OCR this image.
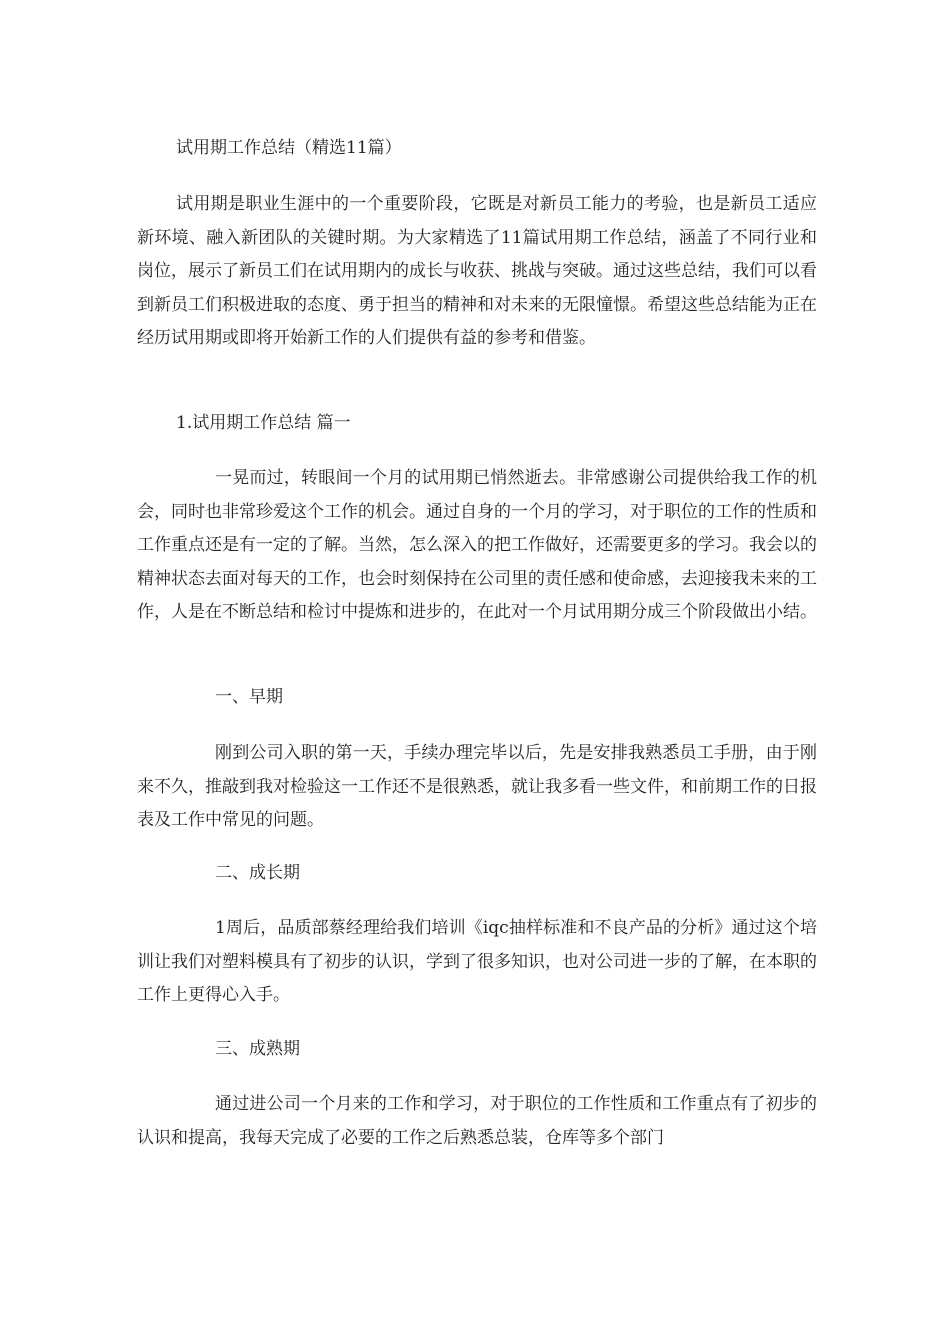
试用期工作总结（精选11篇）

试用期是职业生涯中的一个重要阶段，它既是对新员工能力的考验，也是新员工适应新环境、融入新团队的关键时期。为大家精选了11篇试用期工作总结，涵盖了不同行业和岗位，展示了新员工们在试用期内的成长与收获、挑战与突破。通过这些总结，我们可以看到新员工们积极进取的态度、勇于担当的精神和对未来的无限憧憬。希望这些总结能为正在经历试用期或即将开始新工作的人们提供有益的参考和借鉴。

1.试用期工作总结 篇一

一晃而过，转眼间一个月的试用期已悄然逝去。非常感谢公司提供给我工作的机会，同时也非常珍爱这个工作的机会。通过自身的一个月的学习，对于职位的工作的性质和工作重点还是有一定的了解。当然，怎么深入的把工作做好，还需要更多的学习。我会以的精神状态去面对每天的工作，也会时刻保持在公司里的责任感和使命感，去迎接我未来的工作，人是在不断总结和检讨中提炼和进步的，在此对一个月试用期分成三个阶段做出小结。

一、早期

刚到公司入职的第一天，手续办理完毕以后，先是安排我熟悉员工手册，由于刚来不久，推敲到我对检验这一工作还不是很熟悉，就让我多看一些文件，和前期工作的日报表及工作中常见的问题。

二、成长期

1周后，品质部蔡经理给我们培训《iqc抽样标准和不良产品的分析》通过这个培训让我们对塑料模具有了初步的认识，学到了很多知识，也对公司进一步的了解，在本职的工作上更得心入手。

三、成熟期

通过进公司一个月来的工作和学习，对于职位的工作性质和工作重点有了初步的认识和提高，我每天完成了必要的工作之后熟悉总装，仓库等多个部门
